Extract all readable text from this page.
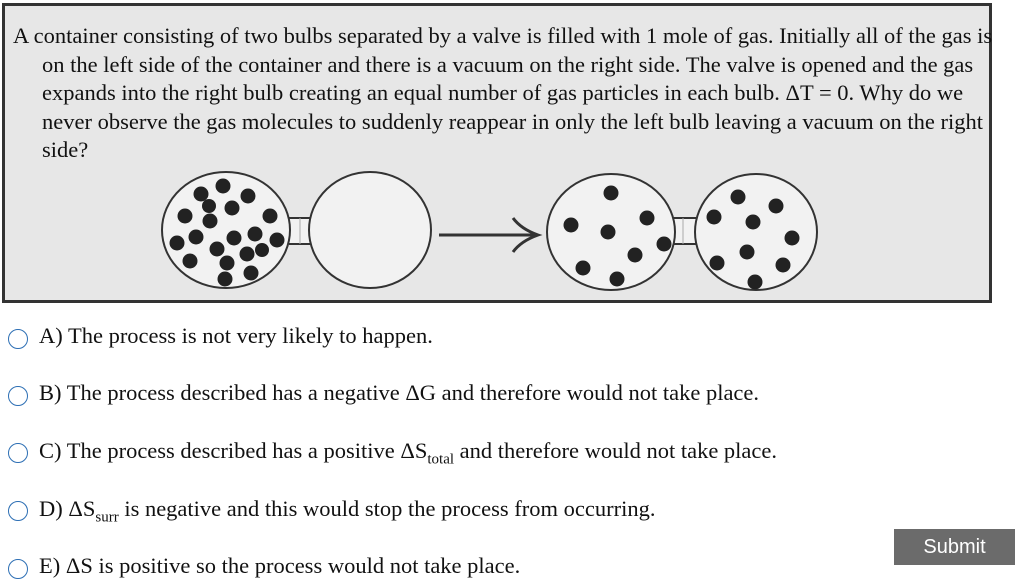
A container consisting of two bulbs separated by a valve is filled with 1 mole of gas. Initially all of the gas is on the left side of the container and there is a vacuum on the right side. The valve is opened and the gas expands into the right bulb creating an equal number of gas particles in each bulb. ΔT = 0. Why do we never observe the gas molecules to suddenly reappear in only the left bulb leaving a vacuum on the right side?

A) The process is not very likely to happen.
B) The process described has a negative ΔG and therefore would not take place.
C) The process described has a positive $\Delta S_{total}$ and therefore would not take place.
D) $\Delta S_{surr}$ is negative and this would stop the process from occurring.
E) ΔS is positive so the process would not take place.
Submit
